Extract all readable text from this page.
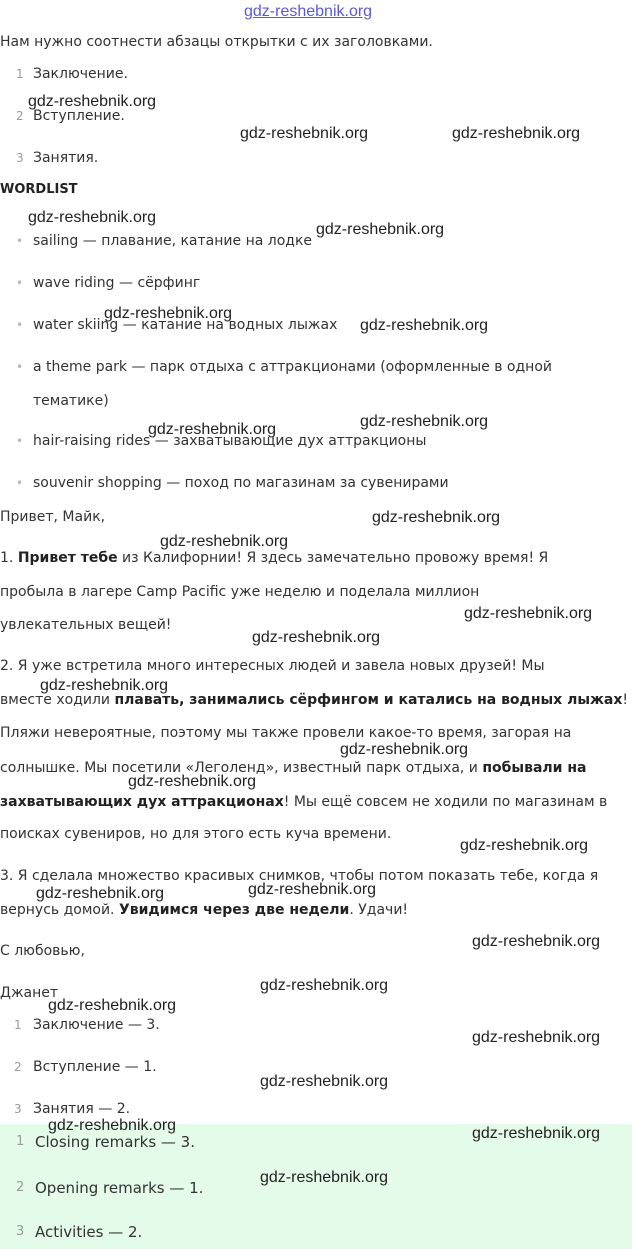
gdz-reshebnik.org
Нам нужно соотнести абзацы открытки с их заголовками.
1 Заключение.
2 Вступление.
3 Занятия.
WORDLIST
• sailing — плавание, катание на лодке
• wave riding — сёрфинг
• water skiing — катание на водных лыжах
• a theme park — парк отдыха с аттракционами (оформленные в одной
тематике)
• hair-raising rides — захватывающие дух аттракционы
• souvenir shopping — поход по магазинам за сувенирами
Привет, Майк,
1. Привет тебе из Калифорнии! Я здесь замечательно провожу время! Я
пробыла в лагере Camp Pacific уже неделю и поделала миллион
увлекательных вещей!
2. Я уже встретила много интересных людей и завела новых друзей! Мы
вместе ходили плавать, занимались сёрфингом и катались на водных лыжах!
Пляжи невероятные, поэтому мы также провели какое-то время, загорая на
солнышке. Мы посетили «Леголенд», известный парк отдыха, и побывали на
захватывающих дух аттракционах! Мы ещё совсем не ходили по магазинам в
поисках сувениров, но для этого есть куча времени.
3. Я сделала множество красивых снимков, чтобы потом показать тебе, когда я
вернусь домой. Увидимся через две недели. Удачи!
С любовью,
Джанет
1 Заключение — 3.
2 Вступление — 1.
3 Занятия — 2.
1 Closing remarks — 3.
2 Opening remarks — 1.
3 Activities — 2.
gdz-reshebnik.org
gdz-reshebnik.org	gdz-reshebnik.org
gdz-reshebnik.org
gdz-reshebnik.org
gdz-reshebnik.org
gdz-reshebnik.org
gdz-reshebnik.org	gdz-reshebnik.org
gdz-reshebnik.org
gdz-reshebnik.org
gdz-reshebnik.org
gdz-reshebnik.org
gdz-reshebnik.org
gdz-reshebnik.org
gdz-reshebnik.org
gdz-reshebnik.org
gdz-reshebnik.org	gdz-reshebnik.org
gdz-reshebnik.org
gdz-reshebnik.org
gdz-reshebnik.org
gdz-reshebnik.org
gdz-reshebnik.org
gdz-reshebnik.org	gdz-reshebnik.org
gdz-reshebnik.org
